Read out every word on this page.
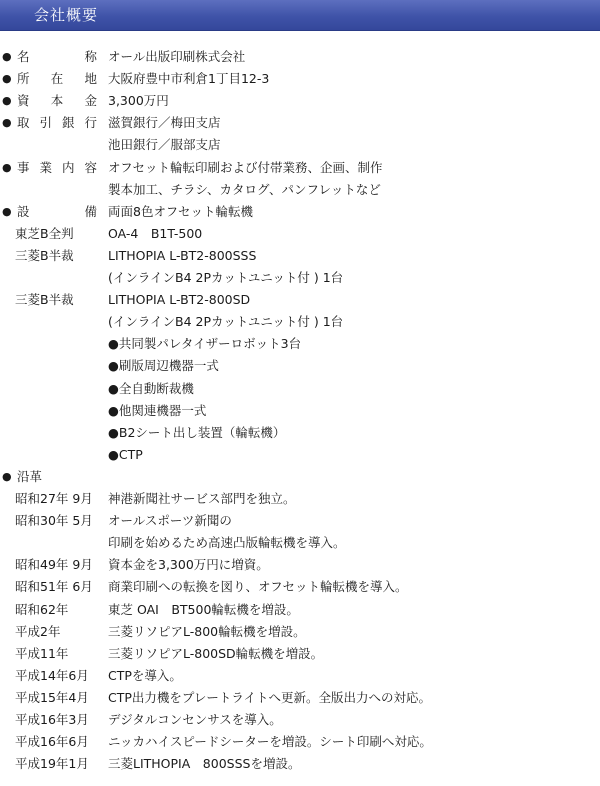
会社概要
● 名　　称 オール出版印刷株式会社
● 所　在　地 大阪府豊中市利倉1丁目12-3
● 資　本　金 3,300万円
● 取引銀行 滋賀銀行／梅田支店
池田銀行／服部支店
● 事業内容 オフセット輪転印刷および付帯業務、企画、制作
製本加工、チラシ、カタログ、パンフレットなど
● 設　　備 両面8色オフセット輪転機
東芝B全判	OA-4　B1T-500
三菱B半裁	LITHOPIA L-BT2-800SSS
(インラインB4 2Pカットユニット付 ) 1台
三菱B半裁	LITHOPIA L-BT2-800SD
(インラインB4 2Pカットユニット付 ) 1台
●共同製パレタイザーロボット3台
●刷版周辺機器一式
●全自動断裁機
●他関連機器一式
●B2シート出し装置（輪転機）
●CTP
● 沿革
昭和27年 9月 神港新聞社サービス部門を独立。
昭和30年 5月 オールスポーツ新聞の
印刷を始めるため高速凸版輪転機を導入。
昭和49年 9月 資本金を3,300万円に増資。
昭和51年 6月 商業印刷への転換を図り、オフセット輪転機を導入。
昭和62年	東芝 OAI　BT500輪転機を増設。
平成2年	三菱リソピアL-800輪転機を増設。
平成11年	三菱リソピアL-800SD輪転機を増設。
平成14年6月 CTPを導入。
平成15年4月 CTP出力機をプレートライトへ更新。全版出力への対応。
平成16年3月 デジタルコンセンサスを導入。
平成16年6月 ニッカハイスピードシーターを増設。シート印刷へ対応。
平成19年1月 三菱LITHOPIA　800SSSを増設。
